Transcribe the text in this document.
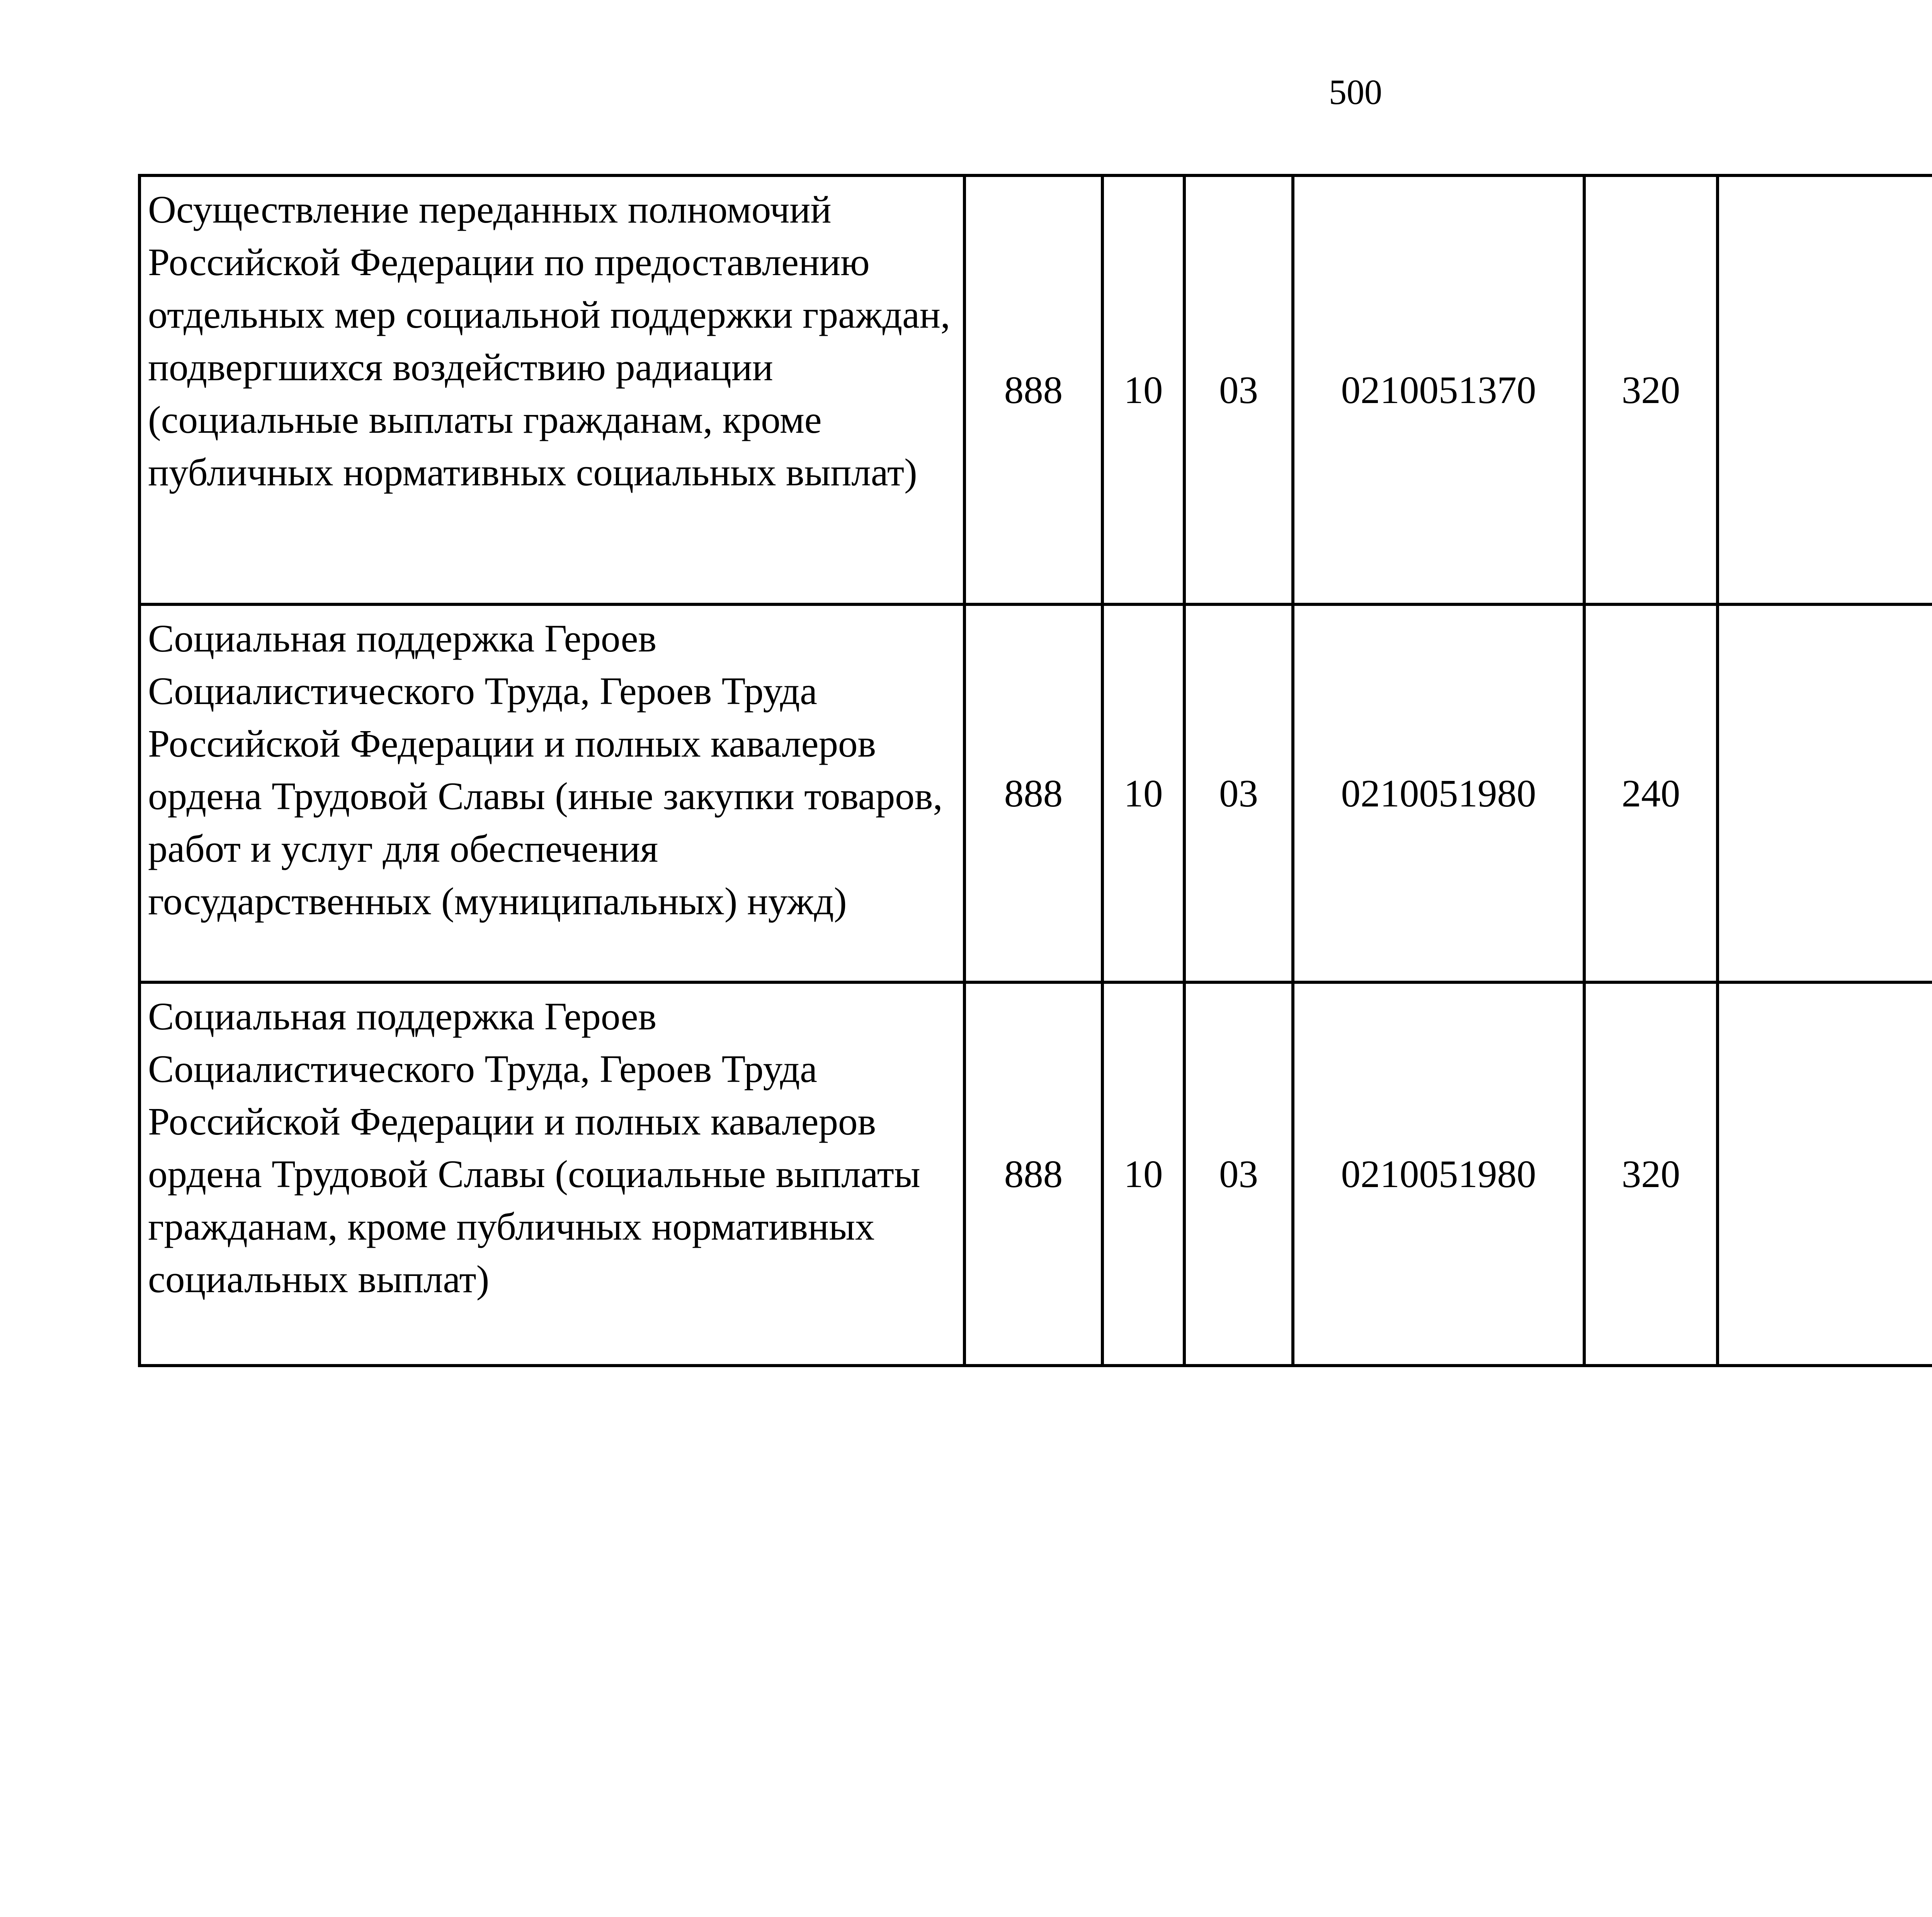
500
Осуществление переданных полномочий Российской Федерации по предоставлению отдельных мер социальной поддержки граждан, подвергшихся воздействию радиации (социальные выплаты гражданам, кроме публичных нормативных социальных выплат)	888	10	03	0210051370	320			
Социальная поддержка Героев Социалистического Труда, Героев Труда Российской Федерации и полных кавалеров ордена Трудовой Славы (иные закупки товаров, работ и услуг для обеспечения государственных (муниципальных) нужд)	888	10	03	0210051980	240			
Социальная поддержка Героев Социалистического Труда, Героев Труда Российской Федерации и полных кавалеров ордена Трудовой Славы (социальные выплаты гражданам, кроме публичных нормативных социальных выплат)	888	10	03	0210051980	320			
